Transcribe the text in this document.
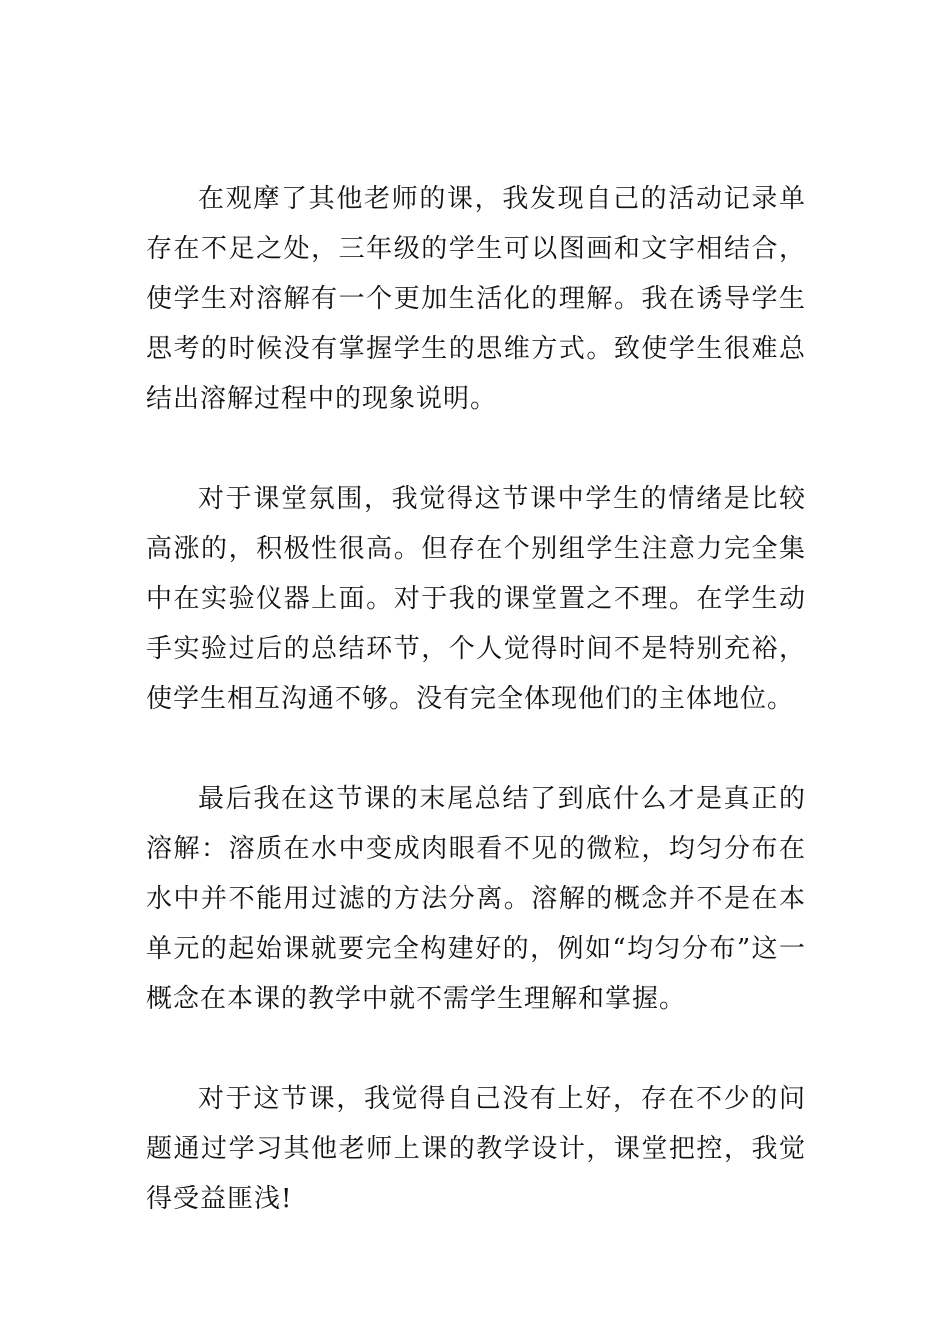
在观摩了其他老师的课，我发现自己的活动记录单存在不足之处，三年级的学生可以图画和文字相结合，使学生对溶解有一个更加生活化的理解。我在诱导学生思考的时候没有掌握学生的思维方式。致使学生很难总结出溶解过程中的现象说明。

对于课堂氛围，我觉得这节课中学生的情绪是比较高涨的，积极性很高。但存在个别组学生注意力完全集中在实验仪器上面。对于我的课堂置之不理。在学生动手实验过后的总结环节，个人觉得时间不是特别充裕，使学生相互沟通不够。没有完全体现他们的主体地位。

最后我在这节课的末尾总结了到底什么才是真正的溶解：溶质在水中变成肉眼看不见的微粒，均匀分布在水中并不能用过滤的方法分离。溶解的概念并不是在本单元的起始课就要完全构建好的，例如“均匀分布”这一概念在本课的教学中就不需学生理解和掌握。

对于这节课，我觉得自己没有上好，存在不少的问题通过学习其他老师上课的教学设计，课堂把控，我觉得受益匪浅!
